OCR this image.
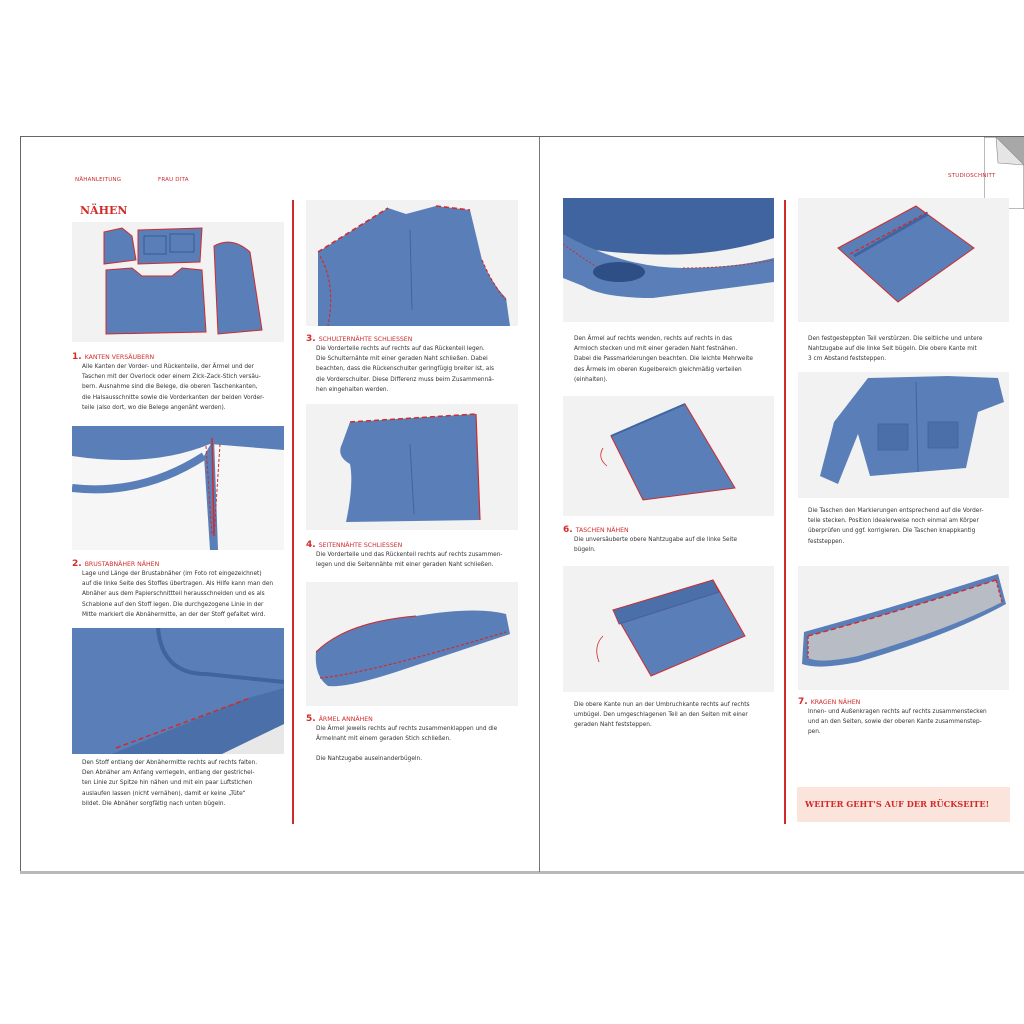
NÄHANLEITUNG	FRAU DITA
STUDIOSCHNITT
NÄHEN
1. KANTEN VERSÄUBERN
Alle Kanten der Vorder- und Rückenteile, der Ärmel und der
Taschen mit der Overlock oder einem Zick-Zack-Stich versäu-
bern. Ausnahme sind die Belege, die oberen Taschenkanten,
die Halsausschnitte sowie die Vorderkanten der beiden Vorder-
teile (also dort, wo die Belege angenäht werden).
2. BRUSTABNÄHER NÄHEN
Lage und Länge der Brustabnäher (im Foto rot eingezeichnet)
auf die linke Seite des Stoffes übertragen. Als Hilfe kann man den
Abnäher aus dem Papierschnittteil herausschneiden und es als
Schablone auf den Stoff legen. Die durchgezogene Linie in der
Mitte markiert die Abnähermitte, an der der Stoff gefaltet wird.
Den Stoff entlang der Abnähermitte rechts auf rechts falten.
Den Abnäher am Anfang verriegeln, entlang der gestrichel-
ten Linie zur Spitze hin nähen und mit ein paar Luftstichen
auslaufen lassen (nicht vernähen), damit er keine „Tüte“
bildet. Die Abnäher sorgfältig nach unten bügeln.
3. SCHULTERNÄHTE SCHLIESSEN
Die Vorderteile rechts auf rechts auf das Rückenteil legen.
Die Schulternähte mit einer geraden Naht schließen. Dabei
beachten, dass die Rückenschulter geringfügig breiter ist, als
die Vorderschulter. Diese Differenz muss beim Zusammennä-
hen eingehalten werden.
4. SEITENNÄHTE SCHLIESSEN
Die Vorderteile und das Rückenteil rechts auf rechts zusammen-
legen und die Seitennähte mit einer geraden Naht schließen.
5. ÄRMEL ANNÄHEN
Die Ärmel jeweils rechts auf rechts zusammenklappen und die
Ärmelnaht mit einem geraden Stich schließen.
Die Nahtzugabe auseinanderbügeln.
Den Ärmel auf rechts wenden, rechts auf rechts in das
Armloch stecken und mit einer geraden Naht festnähen.
Dabei die Passmarkierungen beachten. Die leichte Mehrweite
des Ärmels im oberen Kugelbereich gleichmäßig verteilen
(einhalten).
6. TASCHEN NÄHEN
Die unversäuberte obere Nahtzugabe auf die linke Seite
bügeln.
Die obere Kante nun an der Umbruchkante rechts auf rechts
umbügel. Den umgeschlagenen Teil an den Seiten mit einer
geraden Naht feststeppen.
Den festgesteppten Teil verstürzen. Die seitliche und untere
Nahtzugabe auf die linke Seit bügeln. Die obere Kante mit
3 cm Abstand feststeppen.
Die Taschen den Markierungen entsprechend auf die Vorder-
teile stecken. Position idealerweise noch einmal am Körper
überprüfen und ggf. korrigieren. Die Taschen knappkantig
feststeppen.
7. KRAGEN NÄHEN
Innen- und Außenkragen rechts auf rechts zusammenstecken
und an den Seiten, sowie der oberen Kante zusammenstep-
pen.
WEITER GEHT'S AUF DER RÜCKSEITE!
